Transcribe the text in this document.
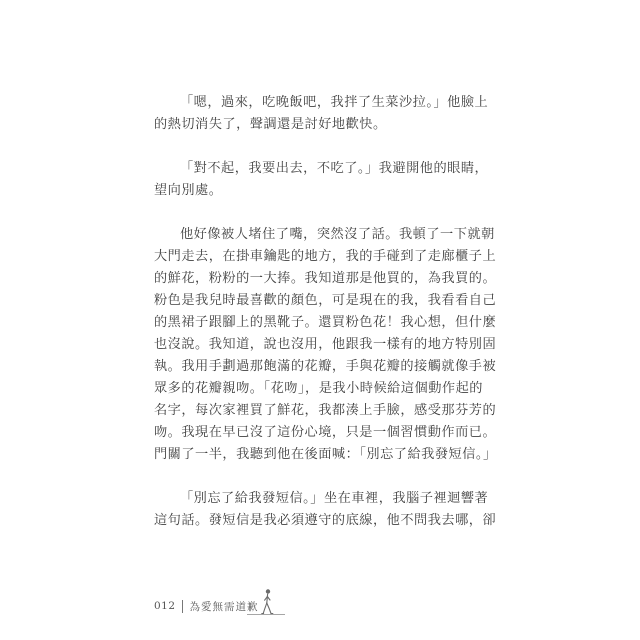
「嗯，過來，吃晚飯吧，我拌了生菜沙拉。」他臉上
的熱切消失了，聲調還是討好地歡快。
「對不起，我要出去，不吃了。」我避開他的眼睛，
望向別處。
他好像被人堵住了嘴，突然沒了話。我頓了一下就朝
大門走去，在掛車鑰匙的地方，我的手碰到了走廊櫃子上
的鮮花，粉粉的一大捧。我知道那是他買的，為我買的。
粉色是我兒時最喜歡的顏色，可是現在的我，我看看自己
的黑裙子跟腳上的黑靴子。還買粉色花！我心想，但什麼
也沒說。我知道，說也沒用，他跟我一樣有的地方特別固
執。我用手劃過那飽滿的花瓣，手與花瓣的接觸就像手被
眾多的花瓣親吻。「花吻」，是我小時候給這個動作起的
名字，每次家裡買了鮮花，我都湊上手臉，感受那芬芳的
吻。我現在早已沒了這份心境，只是一個習慣動作而已。
門關了一半，我聽到他在後面喊：「別忘了給我發短信。」
「別忘了給我發短信。」坐在車裡，我腦子裡迴響著
這句話。發短信是我必須遵守的底線，他不問我去哪，卻
012 為愛無需道歉
